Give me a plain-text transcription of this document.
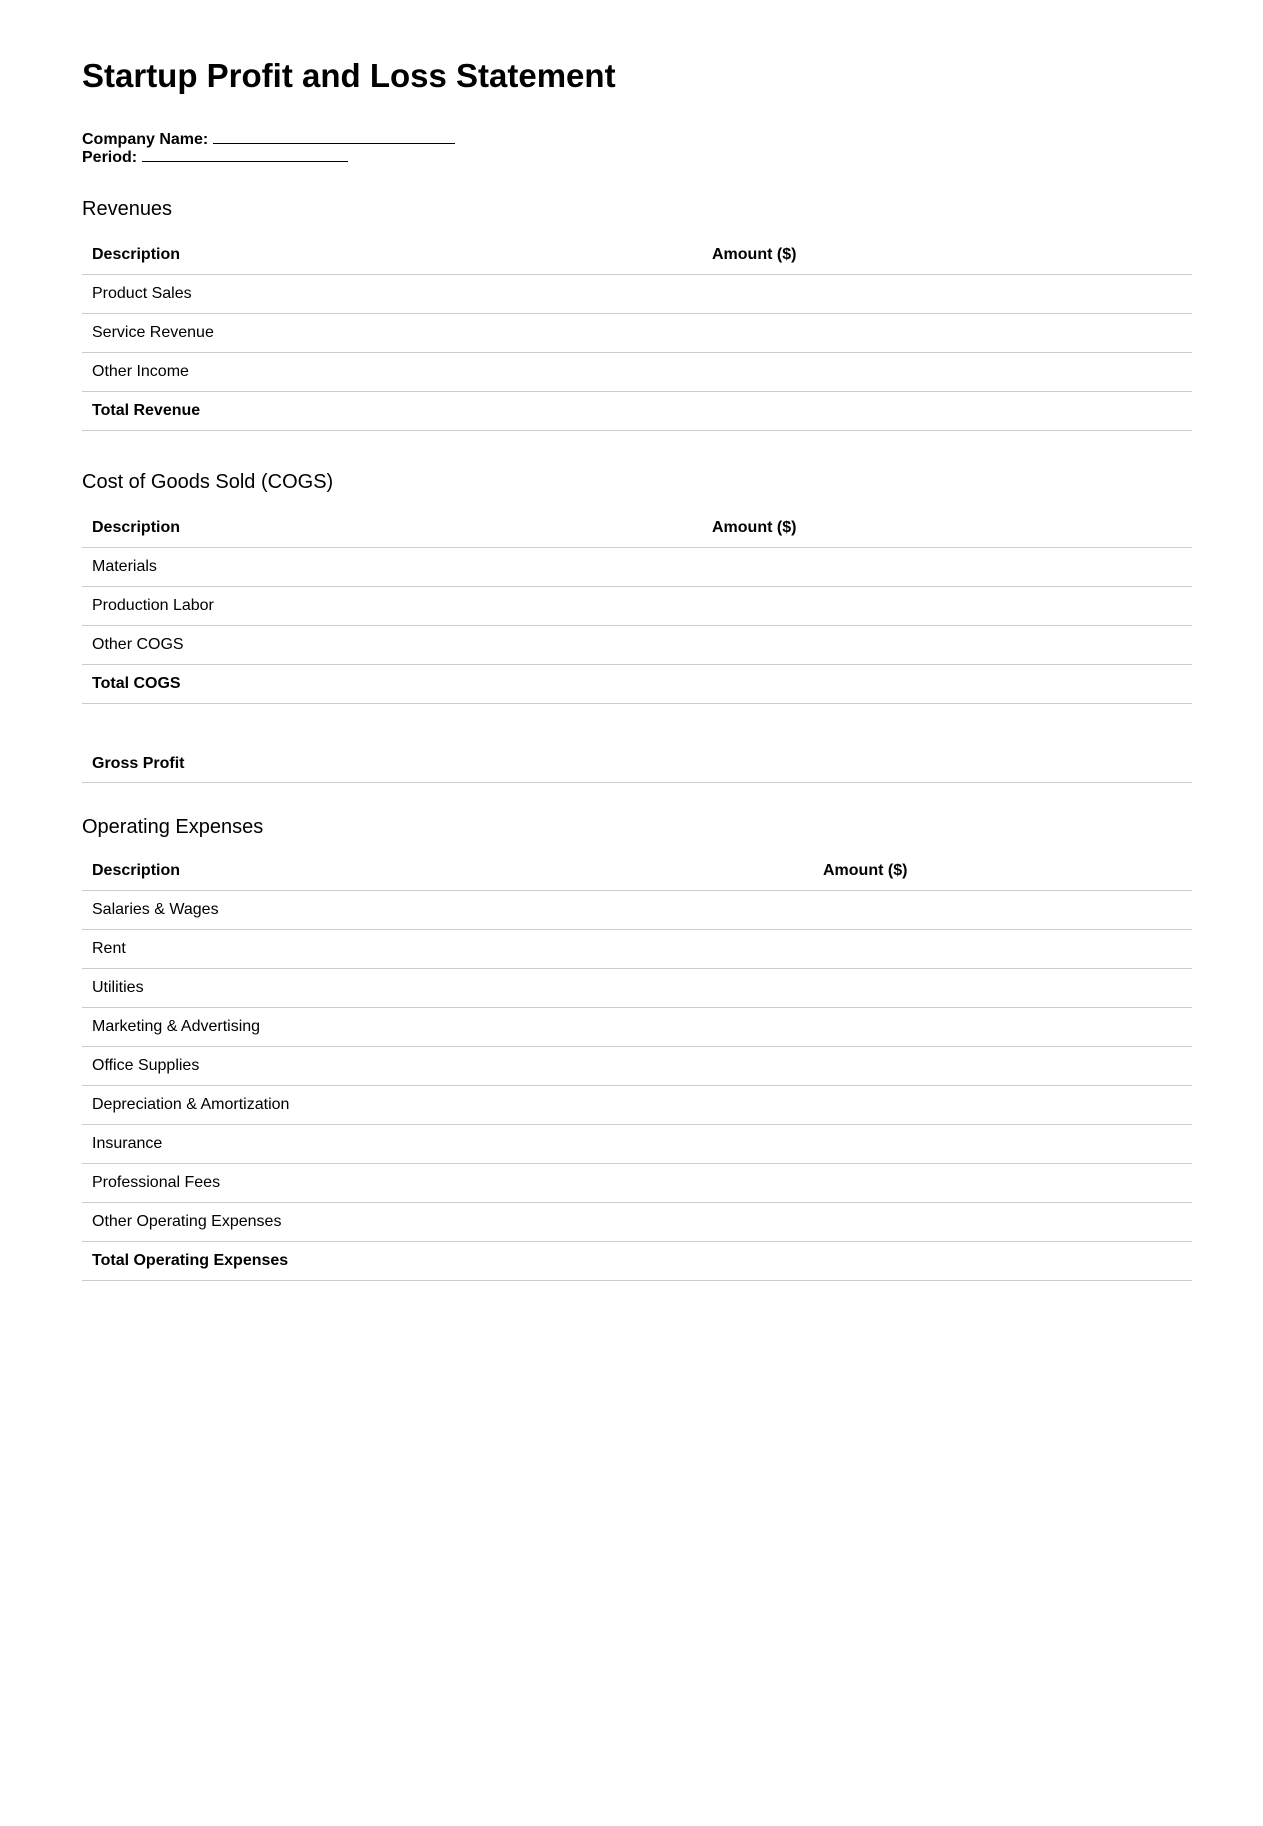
Startup Profit and Loss Statement
Company Name:
Period:
Revenues
Description	Amount ($)
Product Sales	
Service Revenue	
Other Income	
Total Revenue	
Cost of Goods Sold (COGS)
Description	Amount ($)
Materials	
Production Labor	
Other COGS	
Total COGS	
Gross Profit
Operating Expenses
Description	Amount ($)
Salaries & Wages	
Rent	
Utilities	
Marketing & Advertising	
Office Supplies	
Depreciation & Amortization	
Insurance	
Professional Fees	
Other Operating Expenses	
Total Operating Expenses	
